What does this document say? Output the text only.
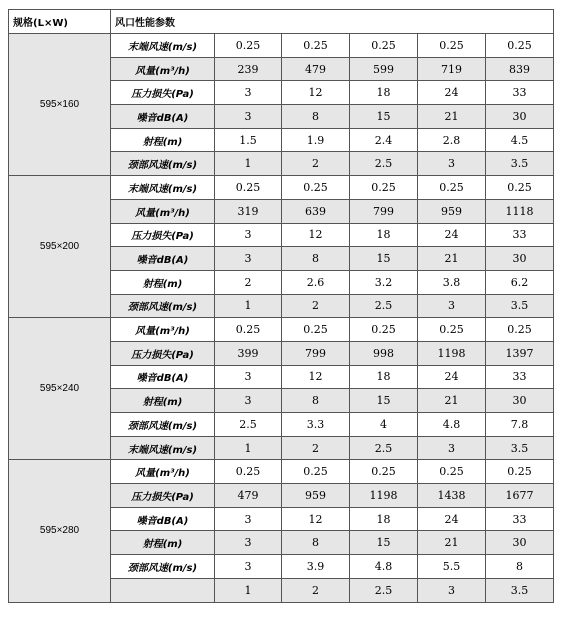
规格(L×W)	风口性能参数					
595×160	末端风速(m/s)	0.25	0.25	0.25	0.25	0.25
	风量(m³/h)	239	479	599	719	839
	压力损失(Pa)	3	12	18	24	33
	噪音dB(A)	3	8	15	21	30
	射程(m)	1.5	1.9	2.4	2.8	4.5
	颈部风速(m/s)	1	2	2.5	3	3.5
595×200	末端风速(m/s)	0.25	0.25	0.25	0.25	0.25
	风量(m³/h)	319	639	799	959	1118
	压力损失(Pa)	3	12	18	24	33
	噪音dB(A)	3	8	15	21	30
	射程(m)	2	2.6	3.2	3.8	6.2
	颈部风速(m/s)	1	2	2.5	3	3.5
595×240	风量(m³/h)	0.25	0.25	0.25	0.25	0.25
	压力损失(Pa)	399	799	998	1198	1397
	噪音dB(A)	3	12	18	24	33
	射程(m)	3	8	15	21	30
	颈部风速(m/s)	2.5	3.3	4	4.8	7.8
	末端风速(m/s)	1	2	2.5	3	3.5
595×280	风量(m³/h)	0.25	0.25	0.25	0.25	0.25
	压力损失(Pa)	479	959	1198	1438	1677
	噪音dB(A)	3	12	18	24	33
	射程(m)	3	8	15	21	30
	颈部风速(m/s)	3	3.9	4.8	5.5	8
		1	2	2.5	3	3.5
